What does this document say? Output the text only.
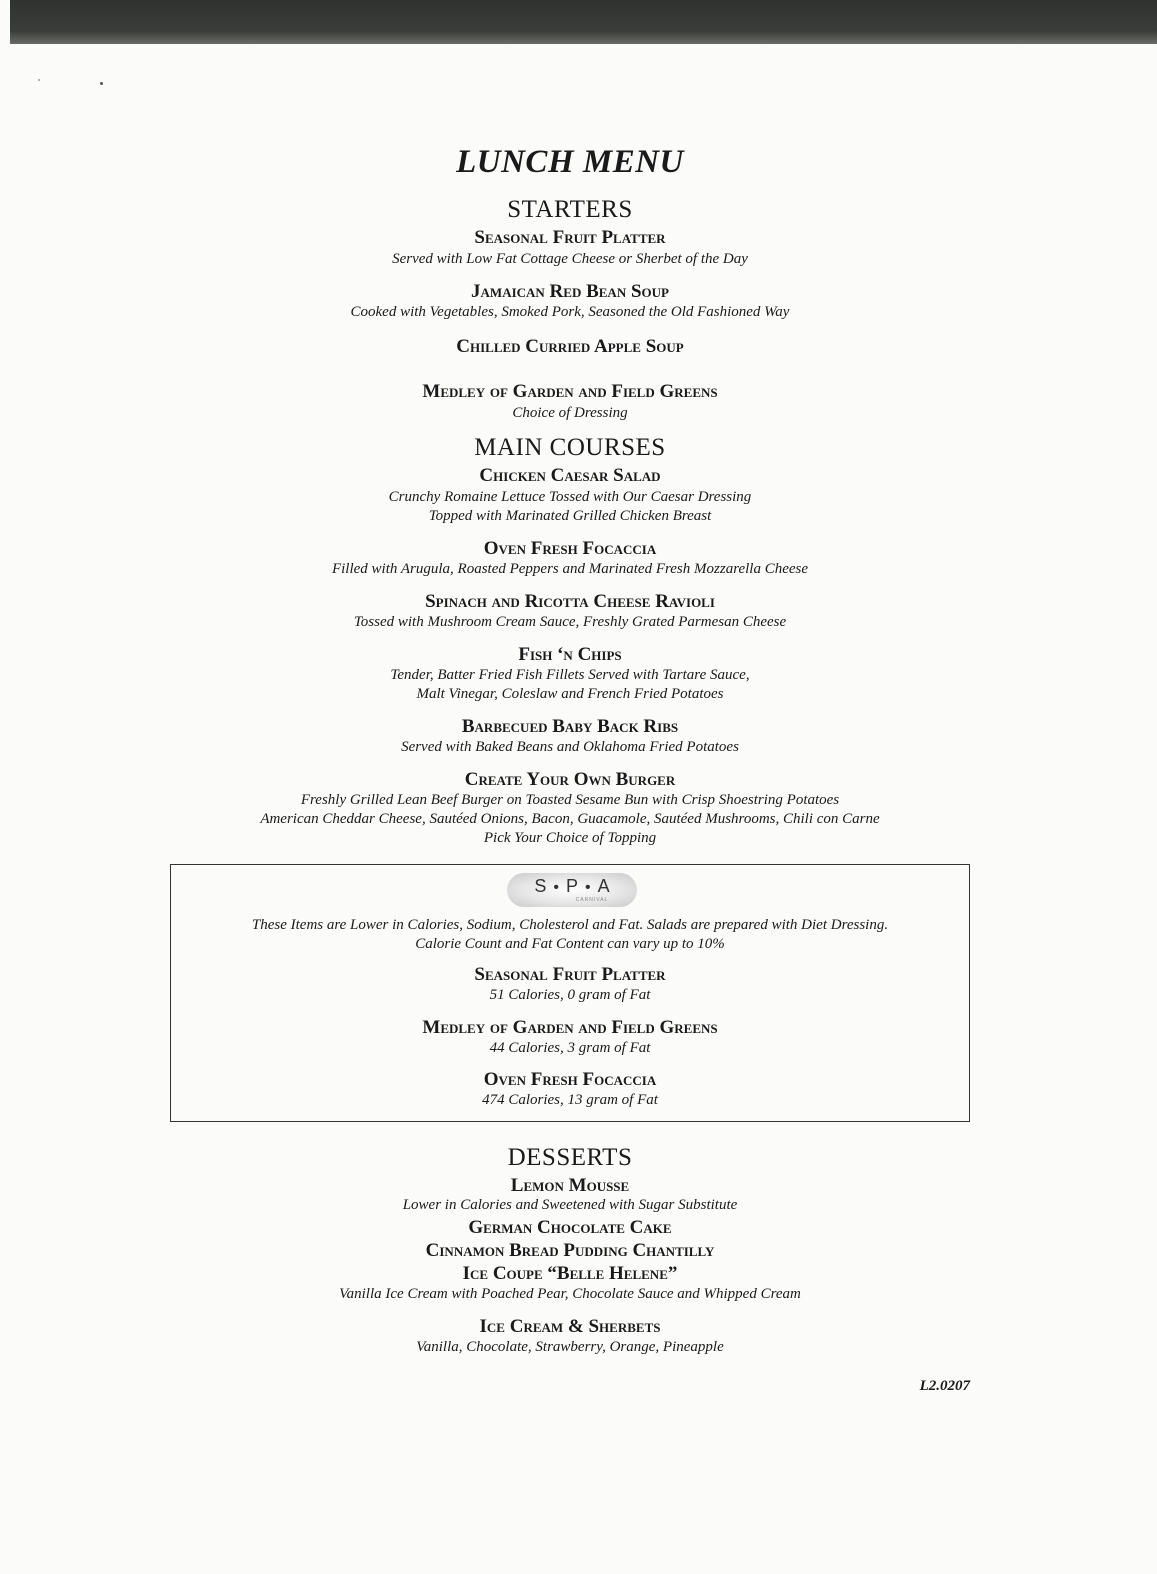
LUNCH MENU
STARTERS
Seasonal Fruit Platter
Served with Low Fat Cottage Cheese or Sherbet of the Day
Jamaican Red Bean Soup
Cooked with Vegetables, Smoked Pork, Seasoned the Old Fashioned Way
Chilled Curried Apple Soup
Medley of Garden and Field Greens
Choice of Dressing
MAIN COURSES
Chicken Caesar Salad
Crunchy Romaine Lettuce Tossed with Our Caesar Dressing
Topped with Marinated Grilled Chicken Breast
Oven Fresh Focaccia
Filled with Arugula, Roasted Peppers and Marinated Fresh Mozzarella Cheese
Spinach and Ricotta Cheese Ravioli
Tossed with Mushroom Cream Sauce, Freshly Grated Parmesan Cheese
Fish ‘n Chips
Tender, Batter Fried Fish Fillets Served with Tartare Sauce,
Malt Vinegar, Coleslaw and French Fried Potatoes
Barbecued Baby Back Ribs
Served with Baked Beans and Oklahoma Fried Potatoes
Create Your Own Burger
Freshly Grilled Lean Beef Burger on Toasted Sesame Bun with Crisp Shoestring Potatoes
American Cheddar Cheese, Sautéed Onions, Bacon, Guacamole, Sautéed Mushrooms, Chili con Carne
Pick Your Choice of Topping
S•P•A
CARNIVAL
These Items are Lower in Calories, Sodium, Cholesterol and Fat. Salads are prepared with Diet Dressing.
Calorie Count and Fat Content can vary up to 10%
Seasonal Fruit Platter
51 Calories, 0 gram of Fat
Medley of Garden and Field Greens
44 Calories, 3 gram of Fat
Oven Fresh Focaccia
474 Calories, 13 gram of Fat
DESSERTS
Lemon Mousse
Lower in Calories and Sweetened with Sugar Substitute
German Chocolate Cake
Cinnamon Bread Pudding Chantilly
Ice Coupe “Belle Helene”
Vanilla Ice Cream with Poached Pear, Chocolate Sauce and Whipped Cream
Ice Cream & Sherbets
Vanilla, Chocolate, Strawberry, Orange, Pineapple
L2.0207
